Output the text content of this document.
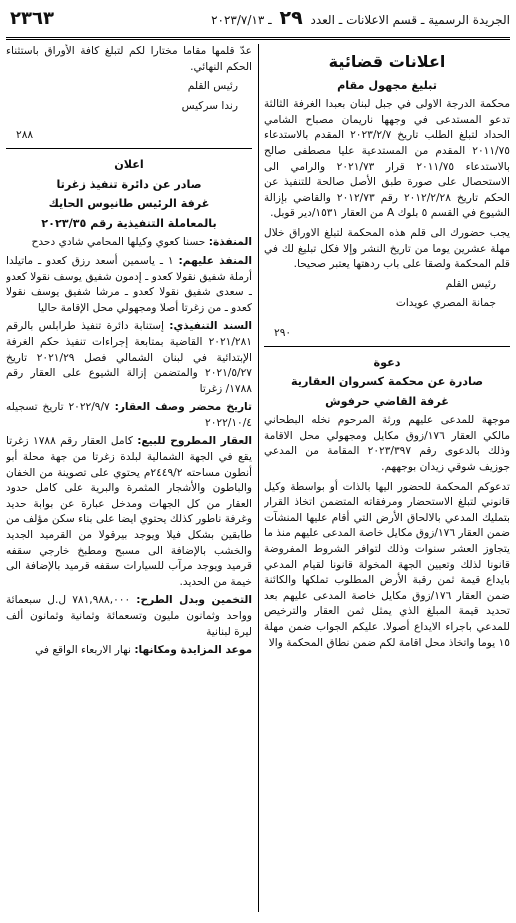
الجريدة الرسمية ـ قسم الاعلانات ـ العدد ٢٩ ـ ٢٠٢٣/٧/١٣
٢٣٦٣
اعلانات قضائية
تبليغ مجهول مقام

محكمة الدرجة الاولى في جبل لبنان بعبدا الغرفة الثالثة تدعو المستدعى في وجهها ناريمان مصباح الشامي الحداد لتبلغ الطلب تاريخ ٢٠٢٣/٢/٧ المقدم بالاستدعاء ٢٠١١/٧٥ المقدم من المستدعية عليا مصطفى صالح بالاستدعاء ٢٠١١/٧٥ قرار ٢٠٢١/٧٣ والرامي الى الاستحصال على صورة طبق الأصل صالحة للتنفيذ عن الحكم تاريخ ٢٠١٢/٢/٢٨ رقم ٢٠١٢/٧٣ والقاضي بإزالة الشيوع في القسم ٥ بلوك A من العقار ١٥٣١/دير قوبل.

يجب حضورك الى قلم هذه المحكمة لتبلغ الاوراق خلال مهلة عشرين يوما من تاريخ النشر وإلا فكل تبليغ لك في قلم المحكمة ولصقا على باب ردهتها يعتبر صحيحا.

رئيس القلم
جمانة المصري عويدات
٢٩٠
دعوة
صادرة عن محكمة كسروان العقارية
غرفة القاضي حرفوش

موجهة للمدعى عليهم ورثة المرحوم نخله البطحاني مالكي العقار ١٧٦/زوق مكايل ومجهولي محل الاقامة وذلك بالدعوى رقم ٢٠٢٣/٣٩٧ المقامة من المدعي جوزيف شوقي زيدان بوجههم.

تدعوكم المحكمة للحضور اليها بالذات أو بواسطة وكيل قانوني لتبلغ الاستحضار ومرفقاته المتضمن اتخاذ القرار بتمليك المدعي بالالحاق الأرض التي أقام عليها المنشآت ضمن العقار ١٧٦/زوق مكايل خاصة المدعى عليهم منذ ما يتجاوز العشر سنوات وذلك لتوافر الشروط المفروضة قانونا لذلك وتعيين الجهة المخولة قانونا لقيام المدعي بايداع قيمة ثمن رقبة الأرض المطلوب تملكها والكائنة ضمن العقار ١٧٦/زوق مكايل خاصة المدعى عليهم بعد تحديد قيمة المبلغ الذي يمثل ثمن العقار والترخيص للمدعي باجراء الايداع أصولا. عليكم الجواب ضمن مهلة ١٥ يوما واتخاذ محل اقامة لكم ضمن نطاق المحكمة والا

عدّ قلمها مقاما مختارا لكم لتبلغ كافة الأوراق باستثناء الحكم النهائي.

رئيس القلم
رندا سركيس
٢٨٨
اعلان
صادر عن دائرة تنفيذ زغرتا
غرفة الرئيس طانيوس الحايك
بالمعاملة التنفيذية رقم ٢٠٢٣/٣٥

المنفذة: حسنا كعوي وكيلها المحامي شادي دحدح

المنفذ عليهم: ١ ـ ياسمين أسعد رزق كعدو ـ ماتيلدا أرملة شفيق نقولا كعدو ـ إدمون شفيق يوسف نقولا كعدو ـ سعدى شفيق نقولا كعدو ـ مرشا شفيق يوسف نقولا كعدو ـ من زغرتا أصلا ومجهولي محل الإقامة حاليا

السند التنفيذي: إستنابة دائرة تنفيذ طرابلس بالرقم ٢٠٢١/٢٨١ القاضية بمتابعة إجراءات تنفيذ حكم الغرفة الإبتدائية في لبنان الشمالي فصل ٢٠٢١/٢٩ تاريخ ٢٠٢١/٥/٢٧ والمتضمن إزالة الشيوع على العقار رقم ١٧٨٨/ زغرتا

تاريخ محضر وصف العقار: ٢٠٢٢/٩/٧ تاريخ تسجيله ٢٠٢٢/١٠/٤

العقار المطروح للبيع: كامل العقار رقم ١٧٨٨ زغرتا يقع في الجهة الشمالية لبلدة زغرتا من جهة محلة أبو أنطون مساحته ٢٤٤٩/٢م يحتوي على تصوينة من الخفان والباطون والأشجار المثمرة والبرية على كامل حدود العقار من كل الجهات ومدخل عبارة عن بوابة حديد وغرفة ناطور كذلك يحتوي ايضا على بناء سكن مؤلف من طابقين بشكل فيلا ويوجد بيرقولا من القرميد الجديد والخشب بالإضافة الى مسبح ومطبخ خارجي سقفه قرميد ويوجد مرآب للسيارات سقفه قرميد بالإضافة الى خيمة من الحديد.

التخمين وبدل الطرح: ٧٨١,٩٨٨,٠٠٠ ل.ل سبعمائة وواحد وثمانون مليون وتسعمائة وثمانية وثمانون ألف ليرة لبنانية

موعد المزايدة ومكانها: نهار الاربعاء الواقع في
